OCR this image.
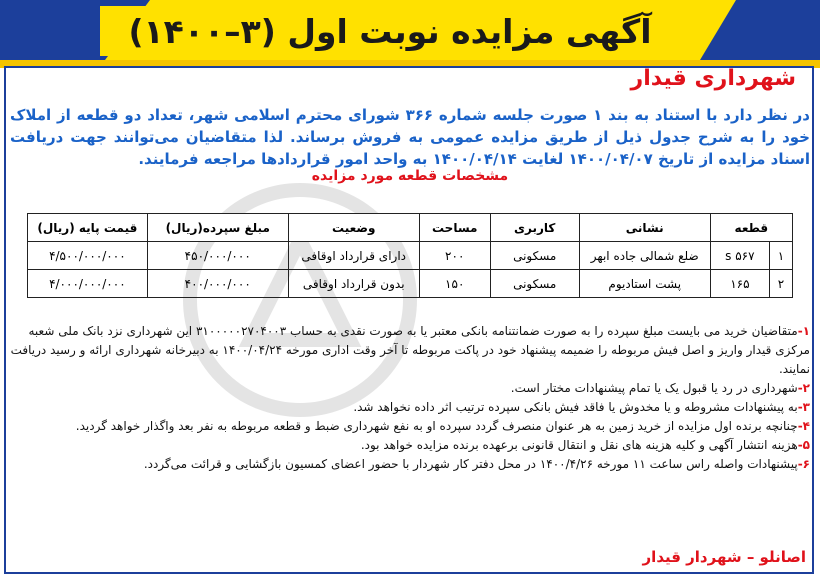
آگهی مزایده نوبت اول (۳–۱۴۰۰)
شهرداری قیدار
در نظر دارد با استناد به بند ۱ صورت جلسه شماره ۳۶۶ شورای محترم اسلامی شهر، تعداد دو قطعه از املاک خود را به شرح جدول ذیل از طریق مزایده عمومی به فروش برساند. لذا متقاضیان می‌توانند جهت دریافت اسناد مزایده از تاریخ ۱۴۰۰/۰۴/۰۷ لغایت ۱۴۰۰/۰۴/۱۴ به واحد امور قراردادها مراجعه فرمایند.
مشخصات قطعه مورد مزایده
قطعه		نشانی	کاربری	مساحت	وضعیت	مبلغ سپرده(ریال)	قیمت پایه (ریال)
۱	s ۵۶۷	ضلع شمالی جاده ابهر	مسکونی	۲۰۰	دارای قرارداد اوقافی	۴۵۰/۰۰۰/۰۰۰	۴/۵۰۰/۰۰۰/۰۰۰
۲	۱۶۵	پشت استادیوم	مسکونی	۱۵۰	بدون قرارداد اوقافی	۴۰۰/۰۰۰/۰۰۰	۴/۰۰۰/۰۰۰/۰۰۰

۱-متقاضیان خرید می بایست مبلغ سپرده را به صورت ضمانتنامه بانکی معتبر یا به صورت نقدی به حساب ۳۱۰۰۰۰۰۲۷۰۴۰۰۳ این شهرداری نزد بانک ملی شعبه مرکزی قیدار واریز و اصل فیش مربوطه را ضمیمه پیشنهاد خود در پاکت مربوطه تا آخر وقت اداری مورخه ۱۴۰۰/۰۴/۲۴ به دبیرخانه شهرداری ارائه و رسید دریافت نمایند.

۲-شهرداری در رد یا قبول یک یا تمام پیشنهادات مختار است.

۳-به پیشنهادات مشروطه و یا مخدوش یا فاقد فیش بانکی سپرده ترتیب اثر داده نخواهد شد.

۴-چنانچه برنده اول مزایده از خرید زمین به هر عنوان منصرف گردد سپرده او به نفع شهرداری ضبط و قطعه مربوطه به نفر بعد واگذار خواهد گردید.

۵-هزینه انتشار آگهی و کلیه هزینه های نقل و انتقال قانونی برعهده برنده مزایده خواهد بود.

۶-پیشنهادات واصله راس ساعت ۱۱ مورخه ۱۴۰۰/۴/۲۶ در محل دفتر کار شهردار با حضور اعضای کمسیون بازگشایی و قرائت می‌گردد.

اصانلو – شهردار قیدار
